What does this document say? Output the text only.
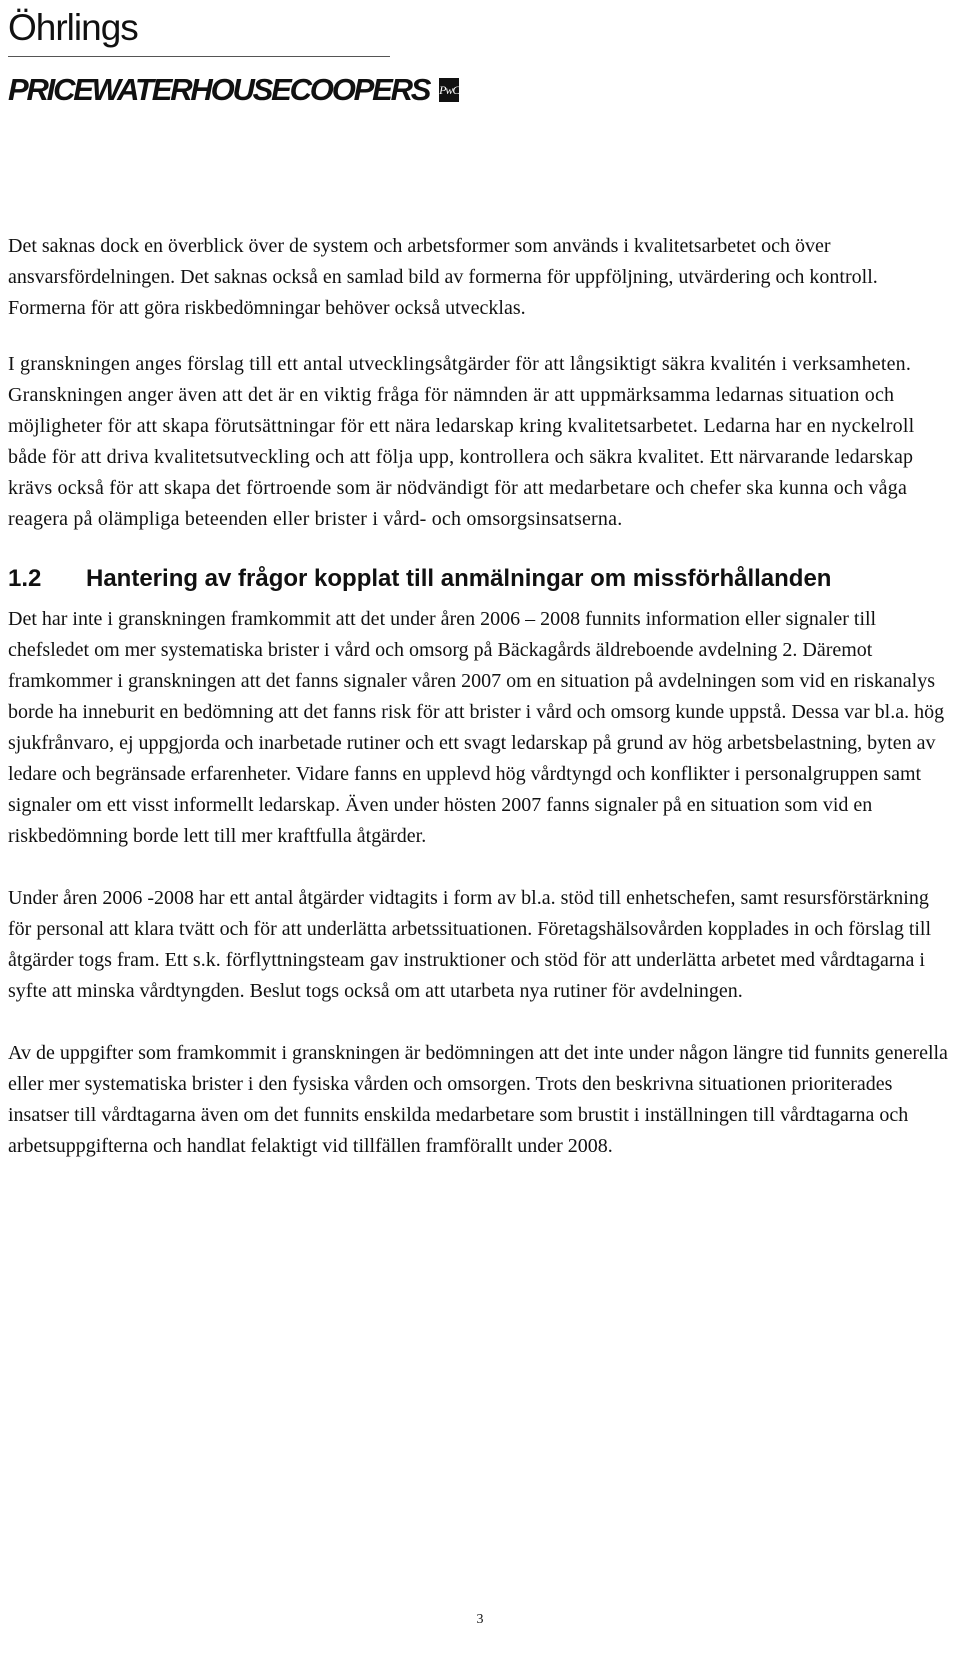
Öhrlings
PRICEWATERHOUSECOOPERS PwC

Det saknas dock en överblick över de system och arbetsformer som används i kvalitetsarbetet och över ansvarsfördelningen. Det saknas också en samlad bild av formerna för uppföljning, utvärdering och kontroll. Formerna för att göra riskbedömningar behöver också utvecklas.

I granskningen anges förslag till ett antal utvecklingsåtgärder för att långsiktigt säkra kvalitén i verksamheten. Granskningen anger även att det är en viktig fråga för nämnden är att uppmärksamma ledarnas situation och möjligheter för att skapa förutsättningar för ett nära ledarskap kring kvalitetsarbetet. Ledarna har en nyckelroll både för att driva kvalitetsutveckling och att följa upp, kontrollera och säkra kvalitet. Ett närvarande ledarskap krävs också för att skapa det förtroende som är nödvändigt för att medarbetare och chefer ska kunna och våga reagera på olämpliga beteenden eller brister i vård- och omsorgsinsatserna.

1.2	Hantering av frågor kopplat till anmälningar om missförhållanden

Det har inte i granskningen framkommit att det under åren 2006 – 2008 funnits information eller signaler till chefsledet om mer systematiska brister i vård och omsorg på Bäckagårds äldreboende avdelning 2. Däremot framkommer i granskningen att det fanns signaler våren 2007 om en situation på avdelningen som vid en riskanalys borde ha inneburit en bedömning att det fanns risk för att brister i vård och omsorg kunde uppstå. Dessa var bl.a. hög sjukfrånvaro, ej uppgjorda och inarbetade rutiner och ett svagt ledarskap på grund av hög arbetsbelastning, byten av ledare och begränsade erfarenheter. Vidare fanns en upplevd hög vårdtyngd och konflikter i personalgruppen samt signaler om ett visst informellt ledarskap. Även under hösten 2007 fanns signaler på en situation som vid en riskbedömning borde lett till mer kraftfulla åtgärder.

Under åren 2006 -2008 har ett antal åtgärder vidtagits i form av bl.a. stöd till enhetschefen, samt resursförstärkning för personal att klara tvätt och för att underlätta arbetssituationen. Företagshälsovården kopplades in och förslag till åtgärder togs fram. Ett s.k. förflyttningsteam gav instruktioner och stöd för att underlätta arbetet med vårdtagarna i syfte att minska vårdtyngden. Beslut togs också om att utarbeta nya rutiner för avdelningen.

Av de uppgifter som framkommit i granskningen är bedömningen att det inte under någon längre tid funnits generella eller mer systematiska brister i den fysiska vården och omsorgen. Trots den beskrivna situationen prioriterades insatser till vårdtagarna även om det funnits enskilda medarbetare som brustit i inställningen till vårdtagarna och arbetsuppgifterna och handlat felaktigt vid tillfällen framförallt under 2008.

3
